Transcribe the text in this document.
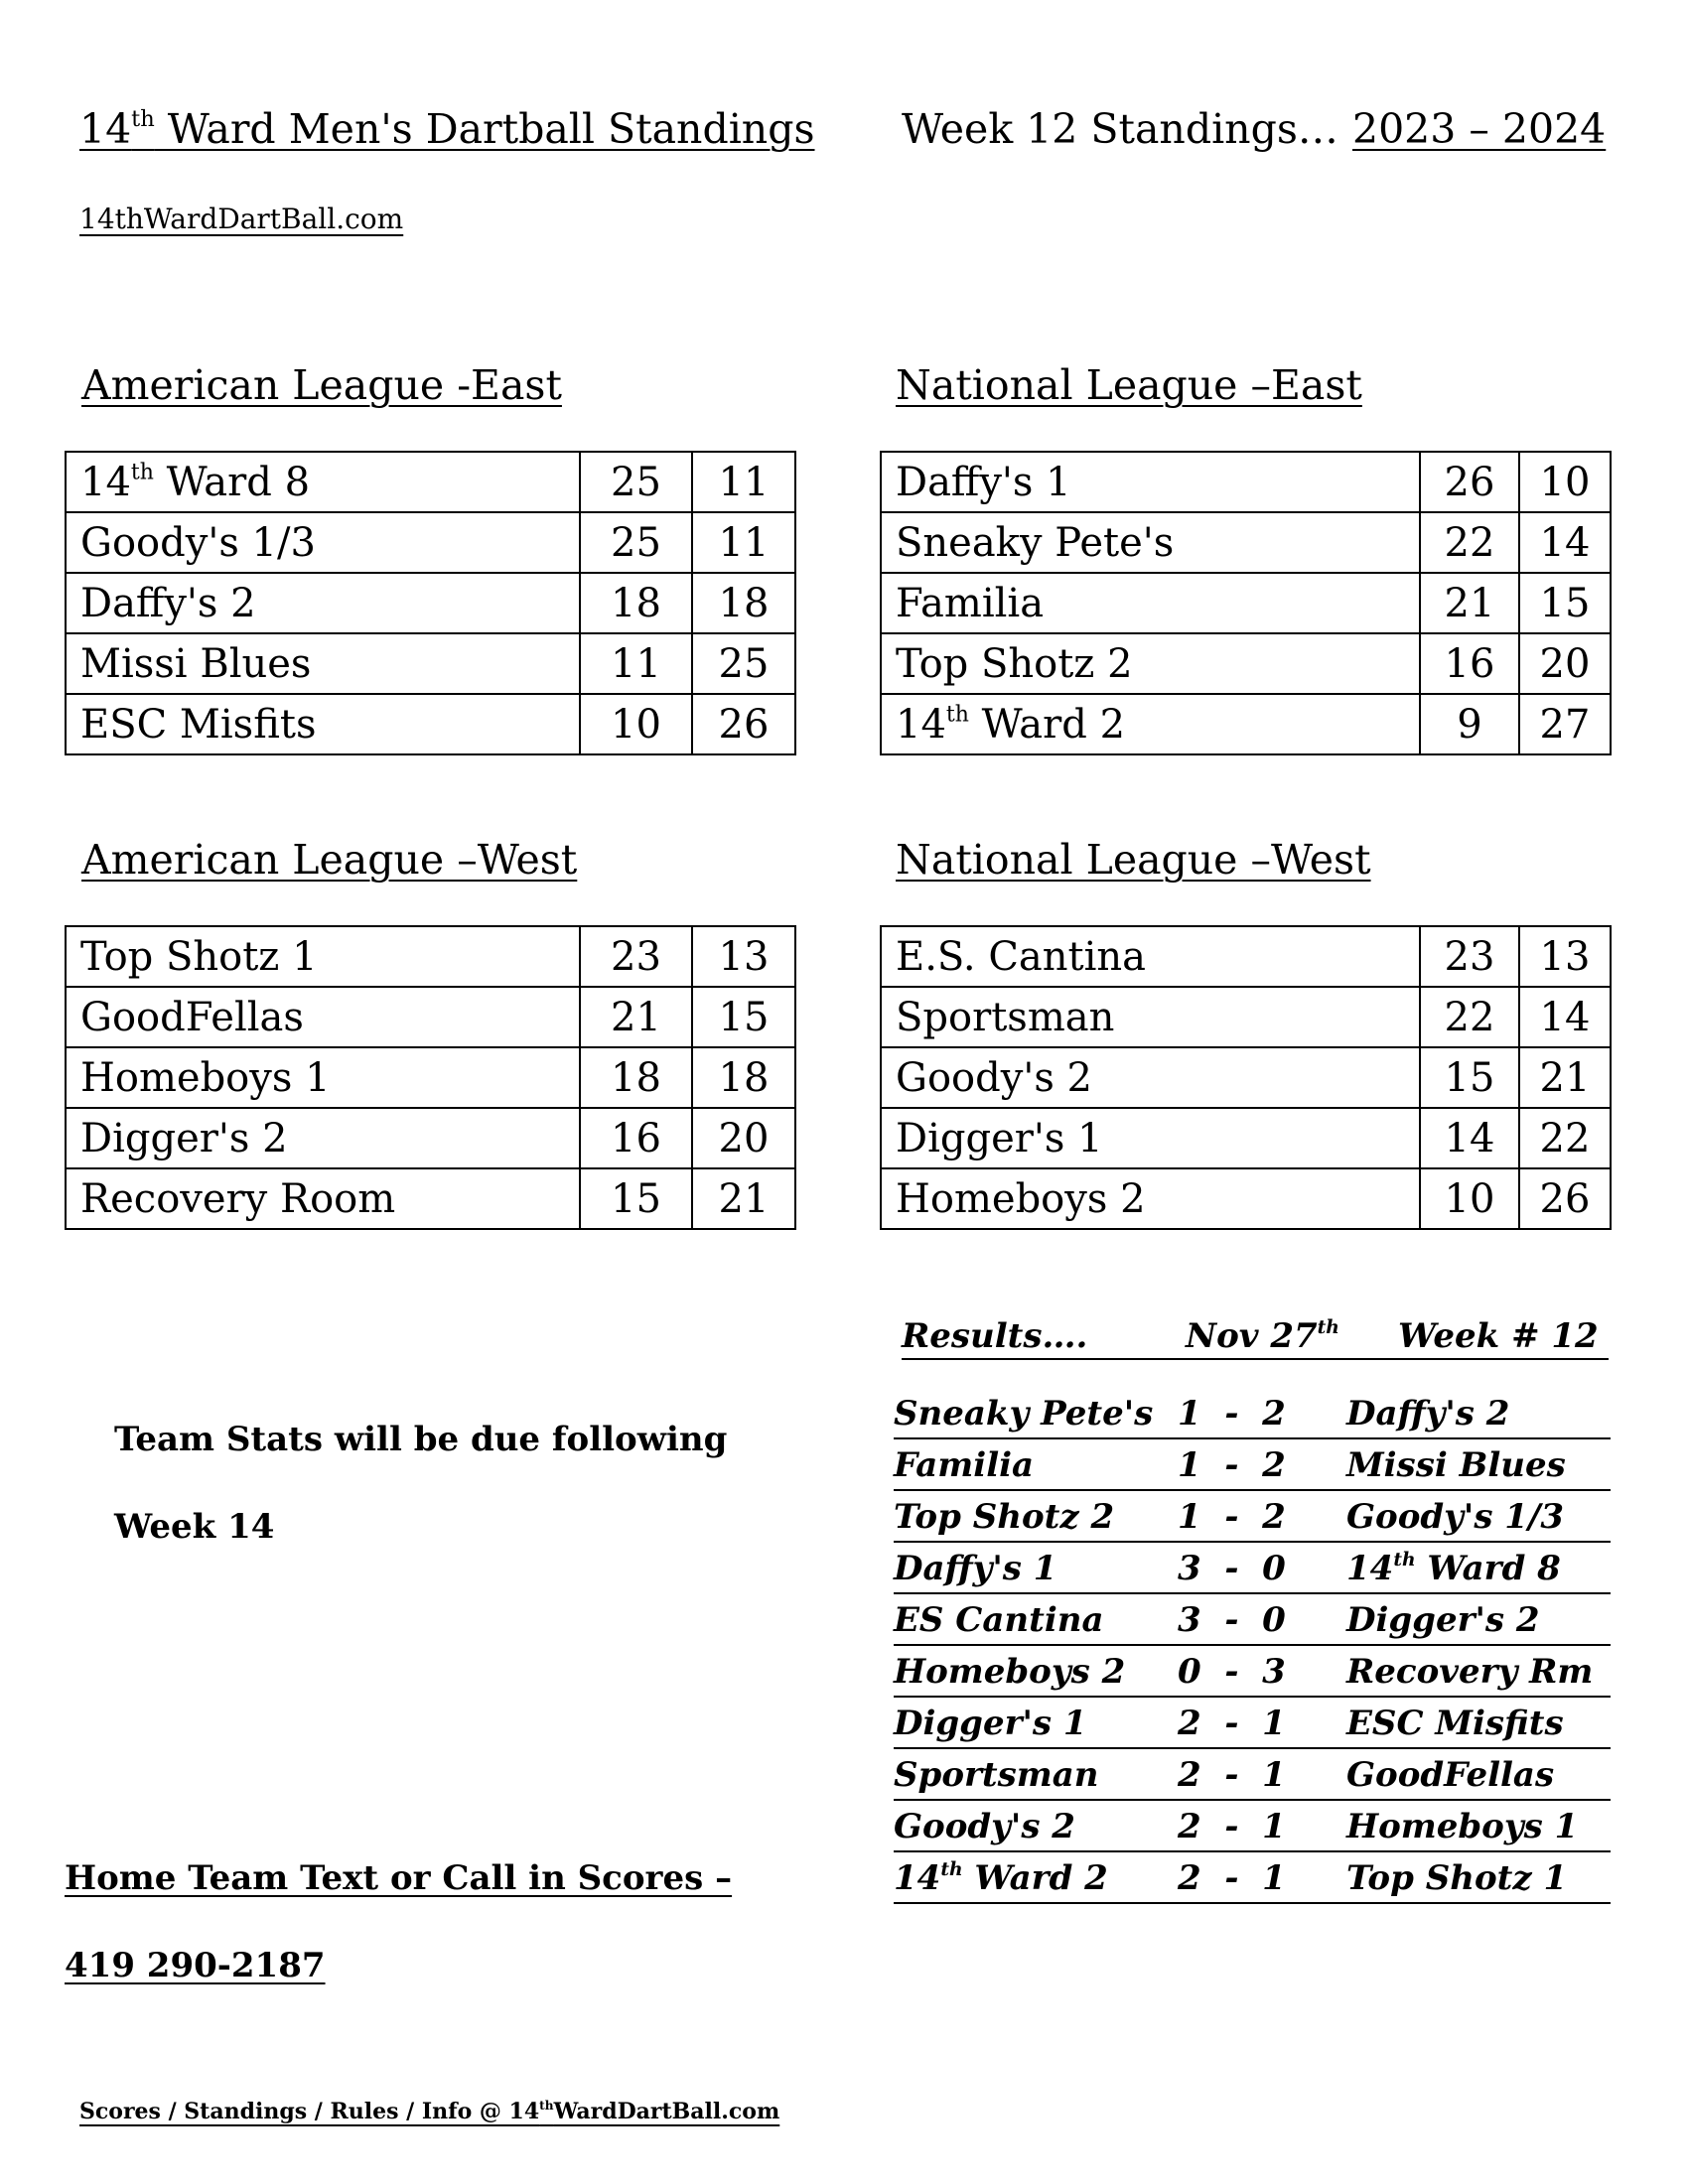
14th Ward Men's Dartball Standings Week 12 Standings… 2023 – 2024
14thWardDartBall.com
American League -East	National League –East
American League –West	National League –West
14th Ward 8	25	11
Goody's 1/3	25	11
Daffy's 2	18	18
Missi Blues	11	25
ESC Misfits	10	26
Daffy's 1	26	10
Sneaky Pete's	22	14
Familia	21	15
Top Shotz 2	16	20
14th Ward 2	9	27
Top Shotz 1	23	13
GoodFellas	21	15
Homeboys 1	18	18
Digger's 2	16	20
Recovery Room	15	21
E.S. Cantina	23	13
Sportsman	22	14
Goody's 2	15	21
Digger's 1	14	22
Homeboys 2	10	26
Results….	Nov 27th Week # 12
Sneaky Pete's 1  -  2 Daffy's 2
Familia	1  -  2 Missi Blues
Top Shotz 2 1  -  2 Goody's 1/3
Daffy's 1	3  -  0 14th Ward 8
ES Cantina 3  -  0 Digger's 2
Homeboys 2 0  -  3 Recovery Rm
Digger's 1	2  -  1 ESC Misfits
Sportsman 2  -  1 GoodFellas
Goody's 2	2  -  1 Homeboys 1
14th Ward 2 2  -  1 Top Shotz 1
Team Stats will be due following
Week 14
Home Team Text or Call in Scores –
419 290-2187
Scores / Standings / Rules / Info @ 14thWardDartBall.com
